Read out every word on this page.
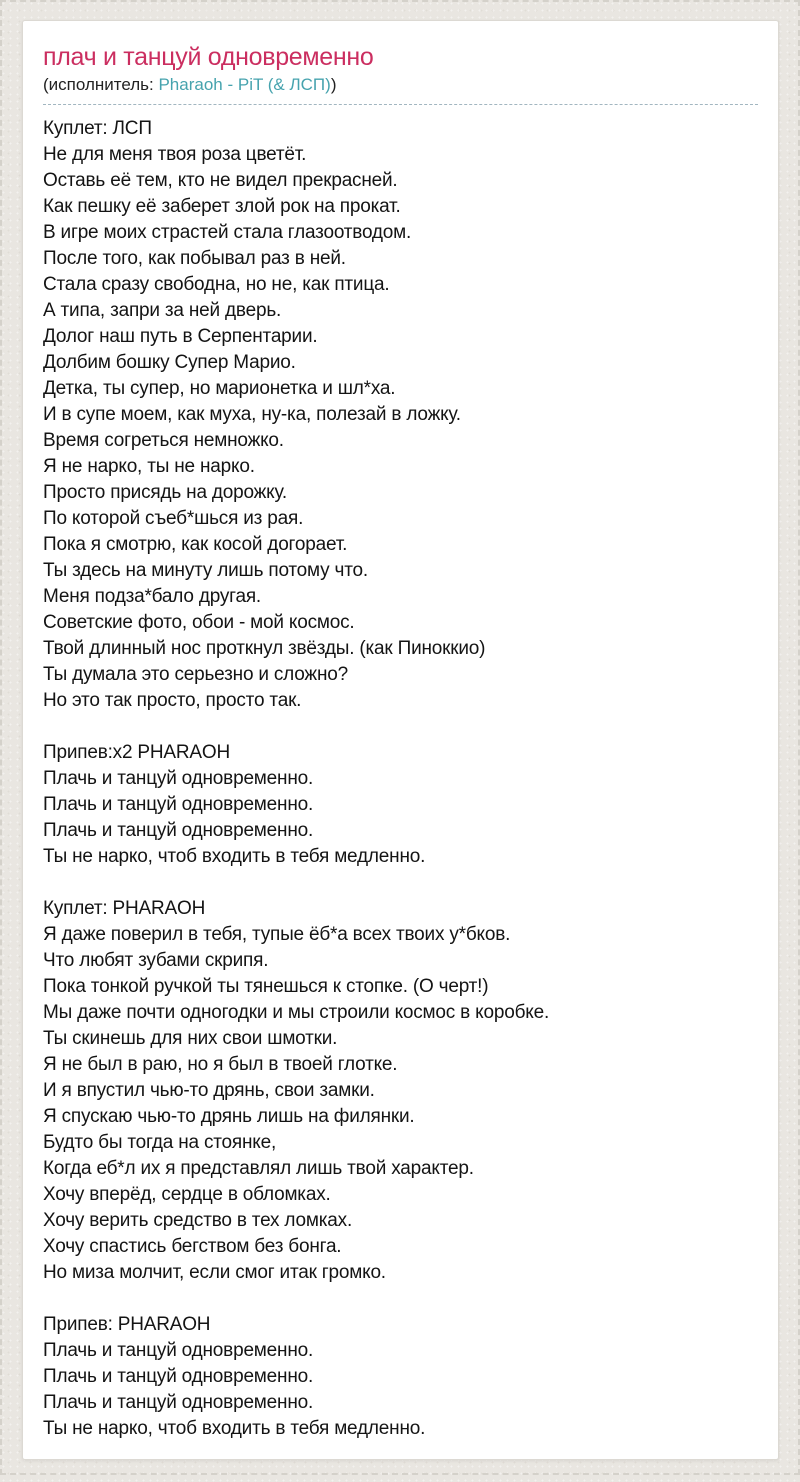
плач и танцуй одновременно

(исполнитель: Pharaoh - PiT (& ЛСП))

Куплет: ЛСП
Не для меня твоя роза цветёт.
Оставь её тем, кто не видел прекрасней.
Как пешку её заберет злой рок на прокат.
В игре моих страстей стала глазоотводом.
После того, как побывал раз в ней.
Стала сразу свободна, но не, как птица.
А типа, запри за ней дверь.
Долог наш путь в Серпентарии.
Долбим бошку Супер Марио.
Детка, ты супер, но марионетка и шл*ха.
И в супе моем, как муха, ну-ка, полезай в ложку.
Время согреться немножко.
Я не нарко, ты не нарко.
Просто присядь на дорожку.
По которой съеб*шься из рая.
Пока я смотрю, как косой догорает.
Ты здесь на минуту лишь потому что.
Меня подза*бало другая.
Советские фото, обои - мой космос.
Твой длинный нос проткнул звёзды. (как Пиноккио)
Ты думала это серьезно и сложно?
Но это так просто, просто так.

Припев:x2 PHARAOH
Плачь и танцуй одновременно.
Плачь и танцуй одновременно.
Плачь и танцуй одновременно.
Ты не нарко, чтоб входить в тебя медленно.

Куплет: PHARAOH
Я даже поверил в тебя, тупые ёб*а всех твоих у*бков.
Что любят зубами скрипя.
Пока тонкой ручкой ты тянешься к стопке. (О черт!)
Мы даже почти одногодки и мы строили космос в коробке.
Ты скинешь для них свои шмотки.
Я не был в раю, но я был в твоей глотке.
И я впустил чью-то дрянь, свои замки.
Я спускаю чью-то дрянь лишь на филянки.
Будто бы тогда на стоянке,
Когда еб*л их я представлял лишь твой характер.
Хочу вперёд, сердце в обломках.
Хочу верить средство в тех ломках.
Хочу спастись бегством без бонга.
Но миза молчит, если смог итак громко.

Припев: PHARAOH
Плачь и танцуй одновременно.
Плачь и танцуй одновременно.
Плачь и танцуй одновременно.
Ты не нарко, чтоб входить в тебя медленно.
